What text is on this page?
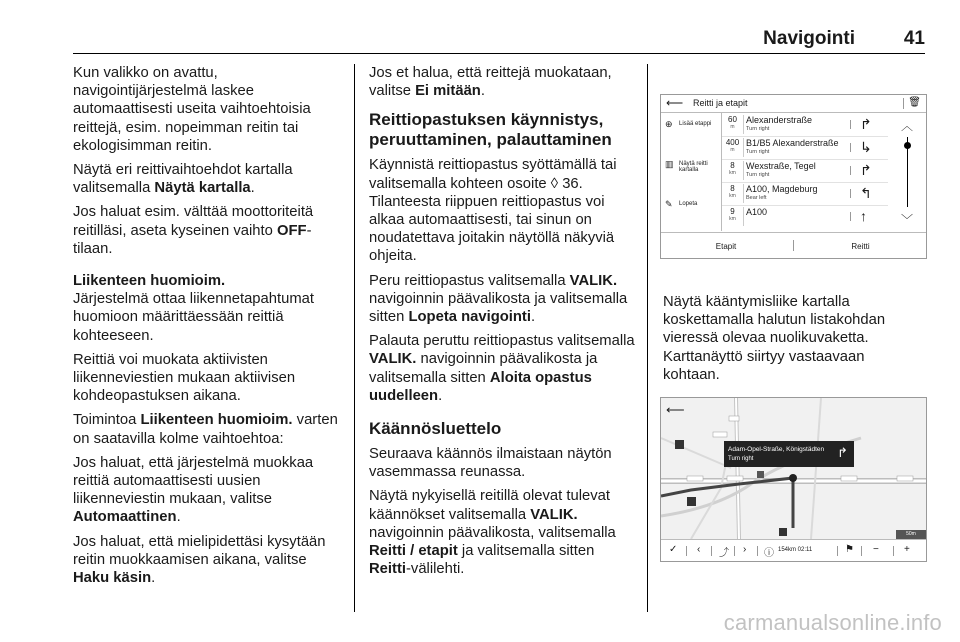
Navigointi	41

Kun valikko on avattu, navigointijärjestelmä laskee automaattisesti useita vaihtoehtoisia reittejä, esim. nopeimman reitin tai ekologisimman reitin.

Näytä eri reittivaihtoehdot kartalla valitsemalla Näytä kartalla.

Jos haluat esim. välttää moottoriteitä reitilläsi, aseta kyseinen vaihto OFF-tilaan.

Liikenteen huomioim.

Järjestelmä ottaa liikennetapahtumat huomioon määrittäessään reittiä kohteeseen.

Reittiä voi muokata aktiivisten liikenneviestien mukaan aktiivisen kohdeopastuksen aikana.

Toimintoa Liikenteen huomioim. varten on saatavilla kolme vaihtoehtoa:

Jos haluat, että järjestelmä muokkaa reittiä automaattisesti uusien liikenneviestin mukaan, valitse Automaattinen.

Jos haluat, että mielipidettäsi kysytään reitin muokkaamisen aikana, valitse Haku käsin.

Jos et halua, että reittejä muokataan, valitse Ei mitään.

Reittiopastuksen käynnistys, peruuttaminen, palauttaminen

Käynnistä reittiopastus syöttämällä tai valitsemalla kohteen osoite ◊ 36. Tilanteesta riippuen reittiopastus voi alkaa automaattisesti, tai sinun on noudatettava joitakin näytöllä näkyviä ohjeita.

Peru reittiopastus valitsemalla VALIK. navigoinnin päävalikosta ja valitsemalla sitten Lopeta navigointi.

Palauta peruttu reittiopastus valitsemalla VALIK. navigoinnin päävalikosta ja valitsemalla sitten Aloita opastus uudelleen.

Käännösluettelo

Seuraava käännös ilmaistaan näytön vasemmassa reunassa.

Näytä nykyisellä reitillä olevat tulevat käännökset valitsemalla VALIK. navigoinnin päävalikosta, valitsemalla Reitti / etapit ja valitsemalla sitten Reitti-välilehti.

Näytä kääntymisliike kartalla koskettamalla halutun listakohdan vieressä olevaa nuolikuvaketta. Karttanäyttö siirtyy vastaavaan kohtaan.

⟵ Reitti ja etapit	🗑
⊕ Lisää etappi
▥ Näytä reitti kartalla
✎ Lopeta
60
m
Alexanderstraße
Turn right	↱
400
m
B1/B5 Alexanderstraße
Turn right	↳
8
km
Wexstraße, Tegel
Turn right	↱
8
km
A100, Magdeburg
Bear left	↰
9
km
A100	↑
︿
﹀
Etapit	Reitti
⟵
Adam-Opel-Straße, Königstädten
Turn right	↱
50m
✓ ‹ ⤴ › ⓘ 154km 02:11	⚑ −	+
carmanualsonline.info
